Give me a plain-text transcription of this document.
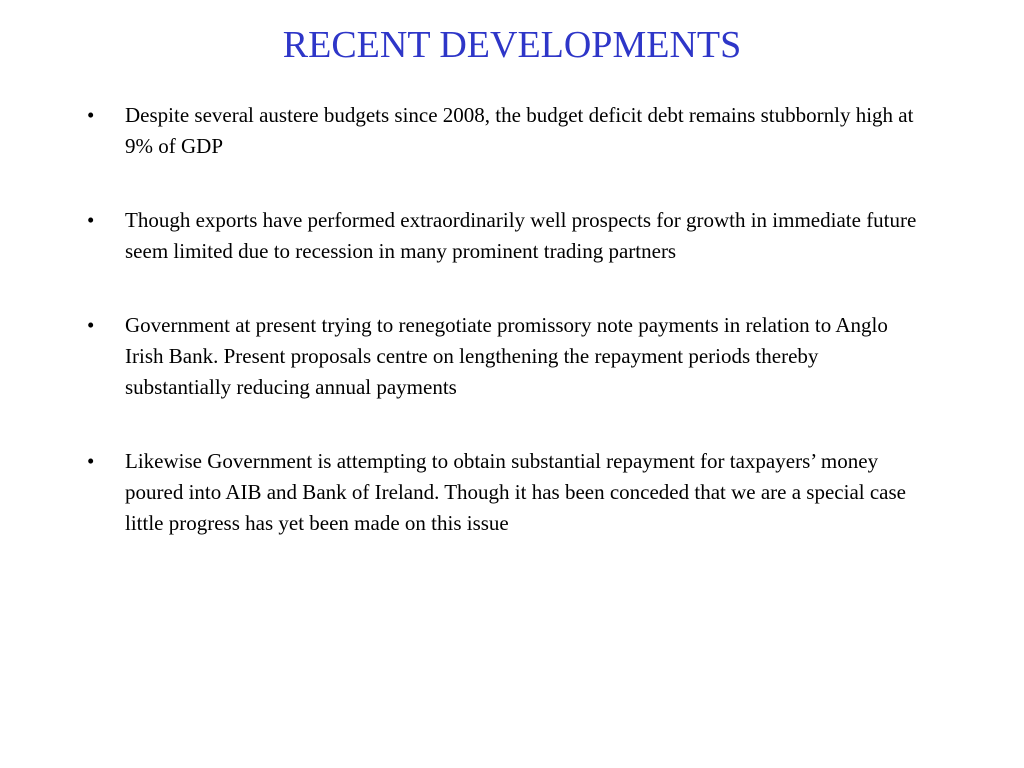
RECENT DEVELOPMENTS
• Despite several austere budgets since 2008, the budget deficit debt remains stubbornly high at 9% of GDP
• Though exports have performed extraordinarily well prospects for growth in immediate future seem limited due to recession in many prominent trading partners
• Government at present trying to renegotiate promissory note payments in relation to Anglo Irish Bank. Present proposals centre on lengthening the repayment periods thereby substantially reducing annual payments
• Likewise Government is attempting to obtain substantial repayment for taxpayers’ money poured into AIB and Bank of Ireland. Though it has been conceded that we are a special case little progress has yet been made on this issue
